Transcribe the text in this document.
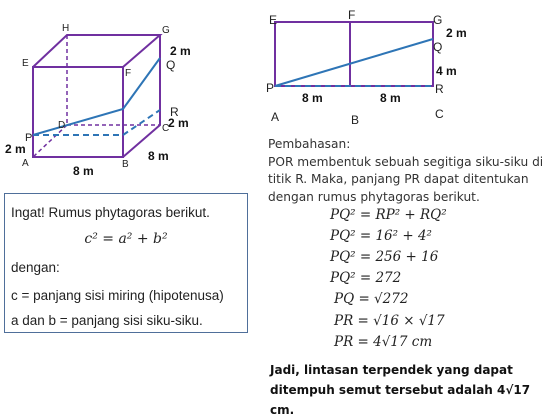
H	G
E
F
Q
R
D	C
P
A	B
2 m
2 m
2 m	8 m
8 m
E	F	G
Q
P	R
A	B	C
2 m
4 m
8 m	8 m
Ingat! Rumus phytagoras berikut.
c² = a² + b²
dengan:
c = panjang sisi miring (hipotenusa)
a dan b = panjang sisi siku-siku.
Pembahasan:
POR membentuk sebuah segitiga siku-siku di
titik R. Maka, panjang PR dapat ditentukan
dengan rumus phytagoras berikut.
PQ² = RP² + RQ²
PQ² = 16² + 4²
PQ² = 256 + 16
PQ² = 272
PQ = √272
PR = √16 × √17
PR = 4√17 cm
Jadi, lintasan terpendek yang dapat
ditempuh semut tersebut adalah 4√17 cm.
